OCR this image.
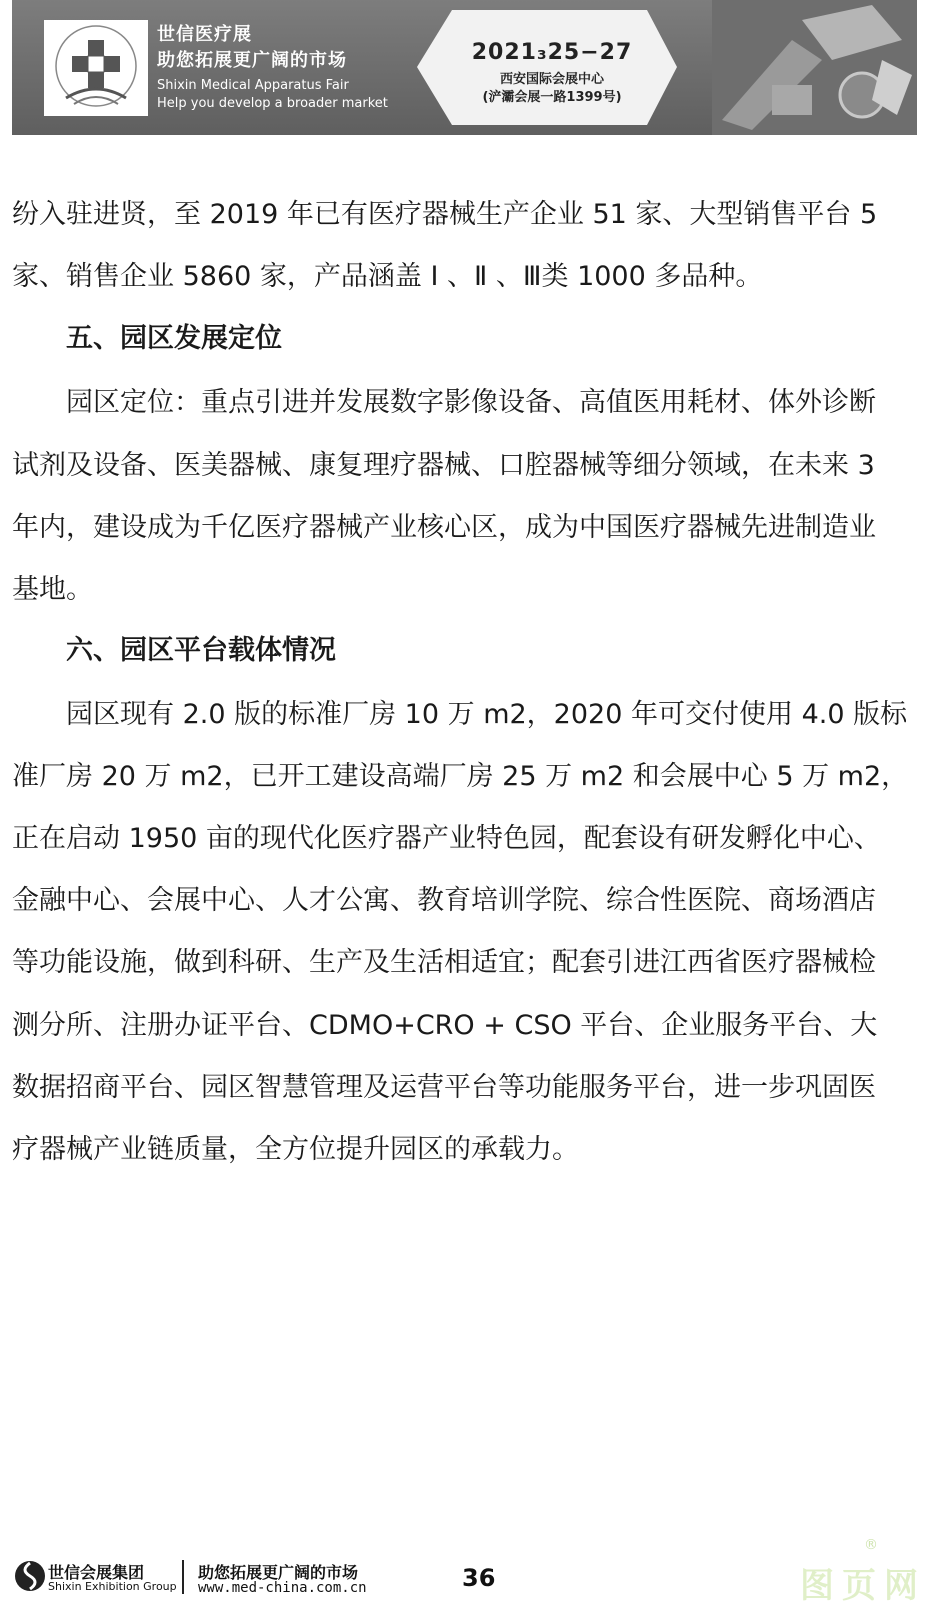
世信医疗展
助您拓展更广阔的市场
Shixin Medical Apparatus Fair
Help you develop a broader market
2021₃25−27
西安国际会展中心
(浐灞会展一路1399号)
纷入驻进贤，至 2019 年已有医疗器械生产企业 51 家、大型销售平台 5
家、销售企业 5860 家，产品涵盖 Ⅰ 、Ⅱ 、Ⅲ类 1000 多品种。
五、园区发展定位
园区定位：重点引进并发展数字影像设备、高值医用耗材、体外诊断
试剂及设备、医美器械、康复理疗器械、口腔器械等细分领域，在未来 3
年内，建设成为千亿医疗器械产业核心区，成为中国医疗器械先进制造业
基地。
六、园区平台载体情况
园区现有 2.0 版的标准厂房 10 万 m2，2020 年可交付使用 4.0 版标
准厂房 20 万 m2，已开工建设高端厂房 25 万 m2 和会展中心 5 万 m2，
正在启动 1950 亩的现代化医疗器产业特色园，配套设有研发孵化中心、
金融中心、会展中心、人才公寓、教育培训学院、综合性医院、商场酒店
等功能设施，做到科研、生产及生活相适宜；配套引进江西省医疗器械检
测分所、注册办证平台、CDMO+CRO + CSO 平台、企业服务平台、大
数据招商平台、园区智慧管理及运营平台等功能服务平台，进一步巩固医
疗器械产业链质量，全方位提升园区的承载力。
世信会展集团
Shixin Exhibition Group
助您拓展更广阔的市场
www.med-china.com.cn	36	图页网
®
